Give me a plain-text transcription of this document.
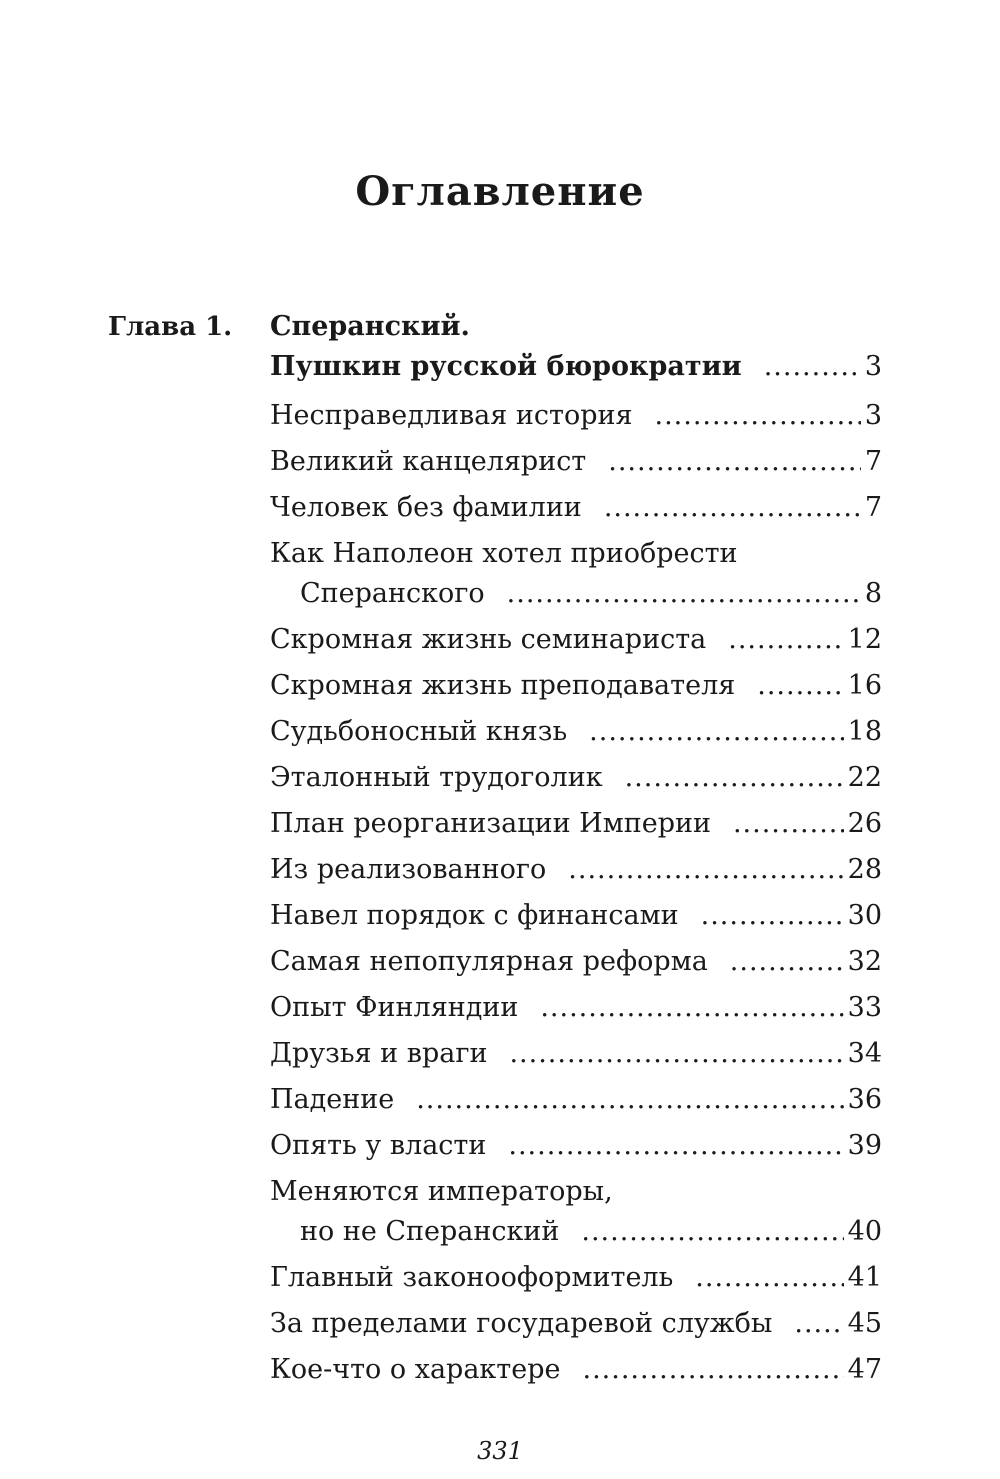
Оглавление
Глава 1. Сперанский.
Пушкин русской бюрократии .....	3
Несправедливая история .....	3
Великий канцелярист .....	7
Человек без фамилии .....	7
Как Наполеон хотел приобрести
Сперанского .....	8
Скромная жизнь семинариста .....	12
Скромная жизнь преподавателя .....	16
Судьбоносный князь .....	18
Эталонный трудоголик .....	22
План реорганизации Империи .....	26
Из реализованного .....	28
Навел порядок с финансами .....	30
Самая непопулярная реформа .....	32
Опыт Финляндии .....	33
Друзья и враги .....	34
Падение .....	36
Опять у власти .....	39
Меняются императоры,
но не Сперанский .....	40
Главный законооформитель .....	41
За пределами государевой службы .....	45
Кое-что о характере .....	47
331
